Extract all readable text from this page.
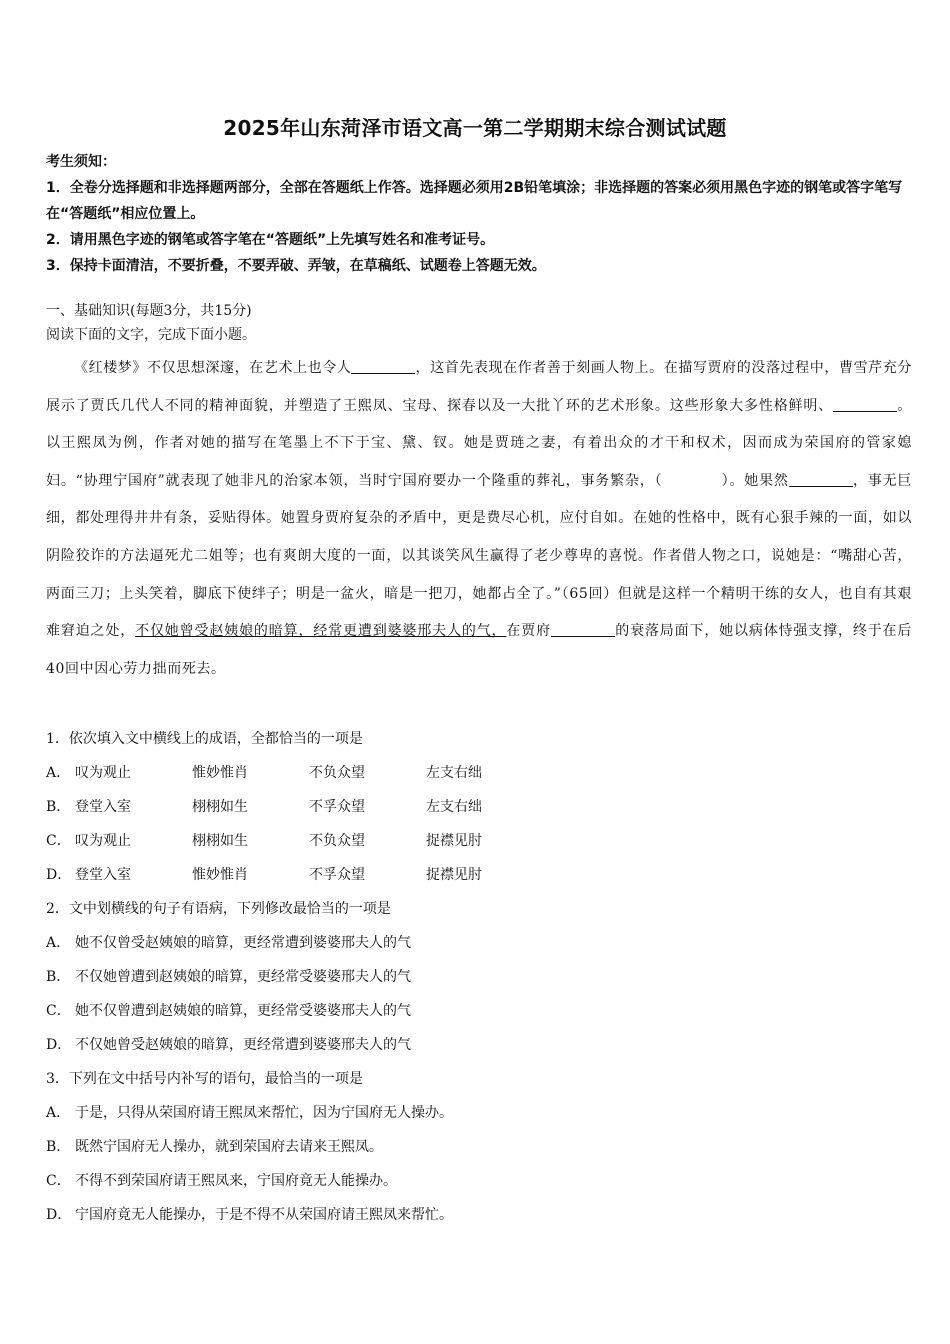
2025年山东菏泽市语文高一第二学期期末综合测试试题

考生须知：

1．全卷分选择题和非选择题两部分，全部在答题纸上作答。选择题必须用2B铅笔填涂；非选择题的答案必须用黑色字迹的钢笔或答字笔写在“答题纸”相应位置上。

2．请用黑色字迹的钢笔或答字笔在“答题纸”上先填写姓名和准考证号。

3．保持卡面清洁，不要折叠，不要弄破、弄皱，在草稿纸、试题卷上答题无效。

一、基础知识(每题3分，共15分)

阅读下面的文字，完成下面小题。

《红楼梦》不仅思想深邃，在艺术上也令人	，这首先表现在作者善于刻画人物上。在描写贾府的没落过程中，曹雪芹充分展示了贾氏几代人不同的精神面貌，并塑造了王熙凤、宝母、探春以及一大批丫环的艺术形象。这些形象大多性格鲜明、	。以王熙凤为例，作者对她的描写在笔墨上不下于宝、黛、钗。她是贾琏之妻，有着出众的才干和权术，因而成为荣国府的管家媳妇。“协理宁国府”就表现了她非凡的治家本领，当时宁国府要办一个隆重的葬礼，事务繁杂，（　　　　）。她果然	，事无巨细，都处理得井井有条，妥贴得体。她置身贾府复杂的矛盾中，更是费尽心机，应付自如。在她的性格中，既有心狠手辣的一面，如以阴险狡诈的方法逼死尤二姐等；也有爽朗大度的一面，以其谈笑风生赢得了老少尊卑的喜悦。作者借人物之口，说她是：“嘴甜心苦，两面三刀；上头笑着，脚底下使绊子；明是一盆火，暗是一把刀，她都占全了。”（65回）但就是这样一个精明干练的女人，也自有其艰难窘迫之处，不仅她曾受赵姨娘的暗算，经常更遭到婆婆邢夫人的气，在贾府	的衰落局面下，她以病体恃强支撑，终于在后40回中因心劳力拙而死去。

1．依次填入文中横线上的成语，全都恰当的一项是
A． 叹为观止	惟妙惟肖	不负众望	左支右绌
B． 登堂入室	栩栩如生	不孚众望	左支右绌
C． 叹为观止	栩栩如生	不负众望	捉襟见肘
D． 登堂入室	惟妙惟肖	不孚众望	捉襟见肘
2．文中划横线的句子有语病，下列修改最恰当的一项是
A． 她不仅曾受赵姨娘的暗算，更经常遭到婆婆邢夫人的气
B． 不仅她曾遭到赵姨娘的暗算，更经常受婆婆邢夫人的气
C． 她不仅曾遭到赵姨娘的暗算，更经常受婆婆邢夫人的气
D． 不仅她曾受赵姨娘的暗算，更经常遭到婆婆邢夫人的气
3．下列在文中括号内补写的语句，最恰当的一项是
A． 于是，只得从荣国府请王熙凤来帮忙，因为宁国府无人操办。
B． 既然宁国府无人操办，就到荣国府去请来王熙凤。
C． 不得不到荣国府请王熙凤来，宁国府竟无人能操办。
D． 宁国府竟无人能操办，于是不得不从荣国府请王熙凤来帮忙。
